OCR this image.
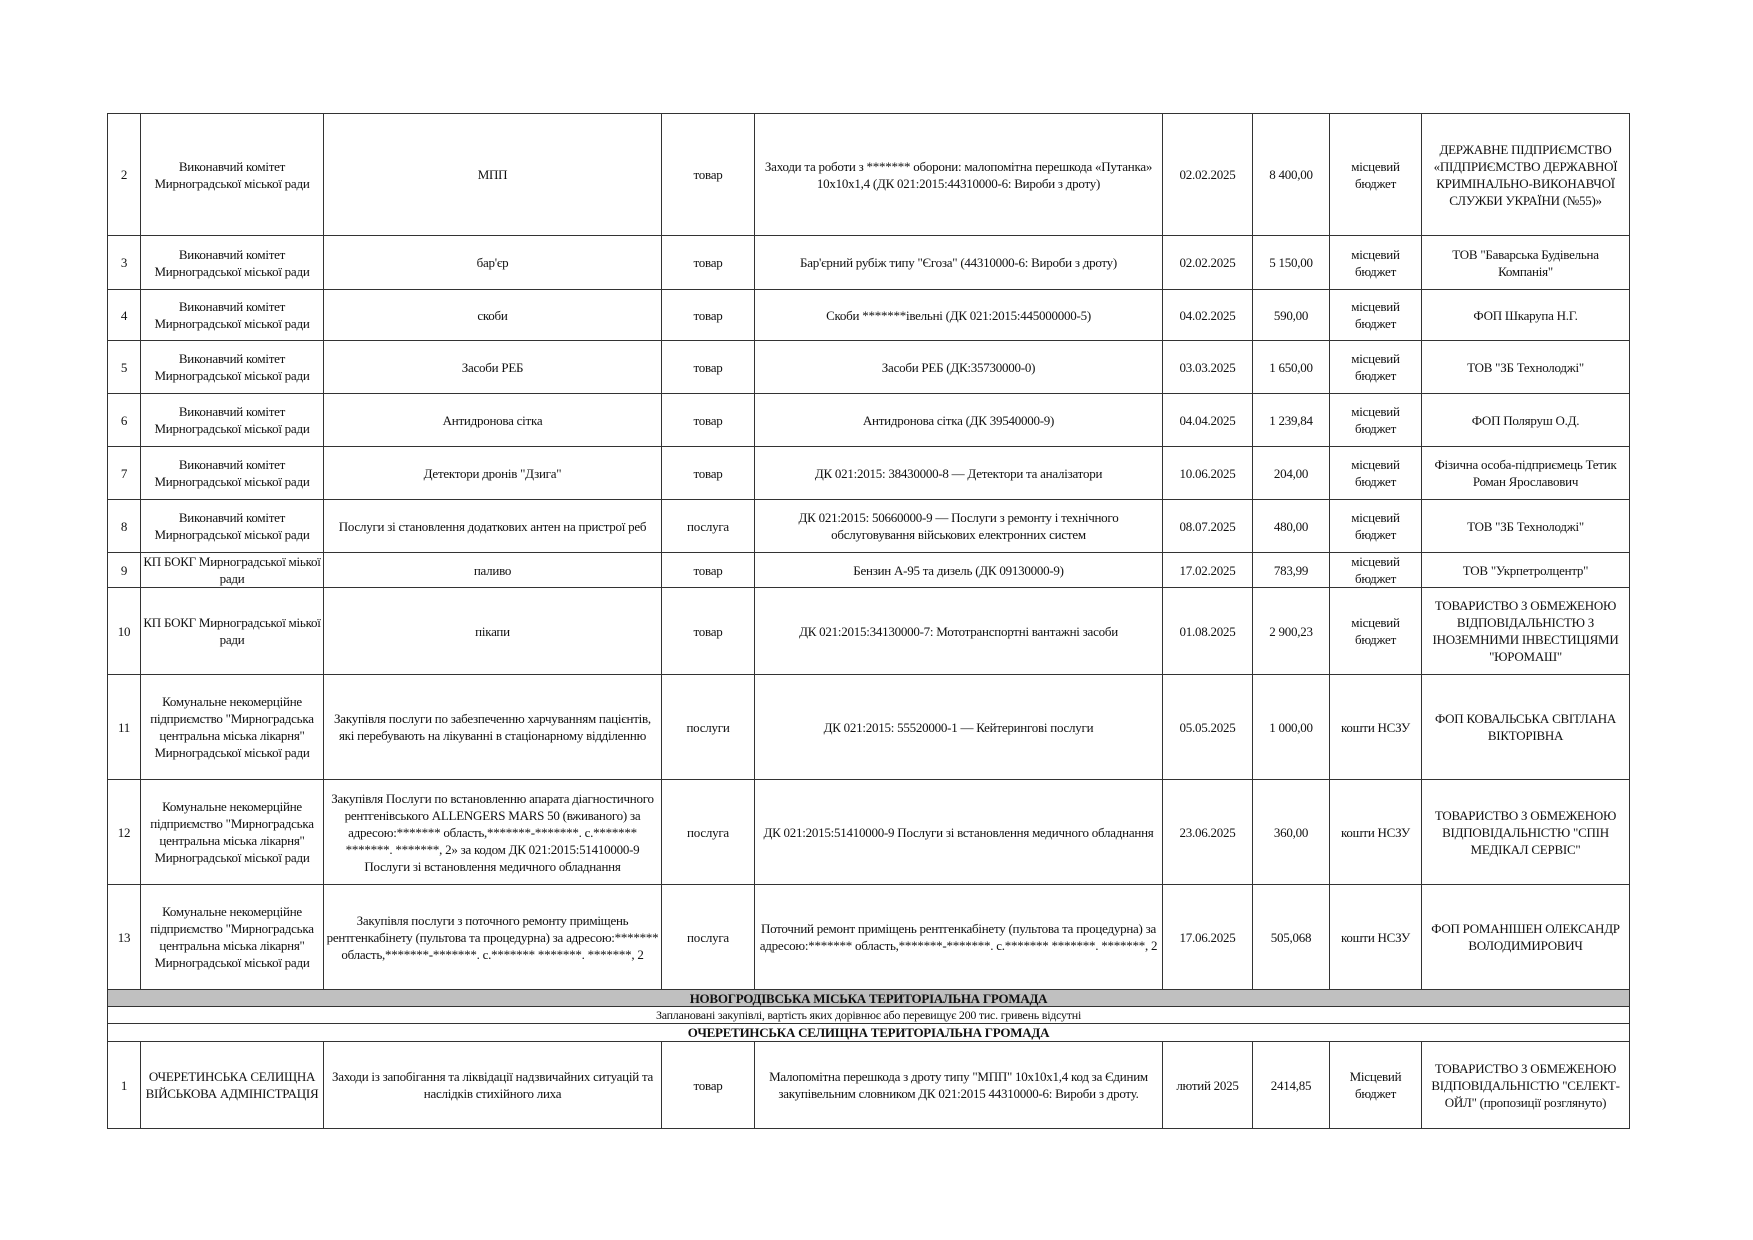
2	Виконавчий комітет Мирноградської міської ради	МПП	товар	Заходи та роботи з ******* оборони: малопомітна перешкода «Путанка» 10x10x1,4 (ДК 021:2015:44310000-6: Вироби з дроту)	02.02.2025	8 400,00	місцевий бюджет	ДЕРЖАВНЕ ПІДПРИЄМСТВО «ПІДПРИЄМСТВО ДЕРЖАВНОЇ КРИМІНАЛЬНО-ВИКОНАВЧОЇ СЛУЖБИ УКРАЇНИ (№55)»
3	Виконавчий комітет Мирноградської міської ради	бар'єр	товар	Бар'єрний рубіж типу "Єгоза" (44310000-6: Вироби з дроту)	02.02.2025	5 150,00	місцевий бюджет	ТОВ "Баварська Будівельна Компанія"
4	Виконавчий комітет Мирноградської міської ради	скоби	товар	Скоби *******івельні (ДК 021:2015:445000000-5)	04.02.2025	590,00	місцевий бюджет	ФОП Шкарупа Н.Г.
5	Виконавчий комітет Мирноградської міської ради	Засоби РЕБ	товар	Засоби РЕБ (ДК:35730000-0)	03.03.2025	1 650,00	місцевий бюджет	ТОВ "ЗБ Технолоджі"
6	Виконавчий комітет Мирноградської міської ради	Антидронова сітка	товар	Антидронова сітка (ДК 39540000-9)	04.04.2025	1 239,84	місцевий бюджет	ФОП Поляруш О.Д.
7	Виконавчий комітет Мирноградської міської ради	Детектори дронів "Дзига"	товар	ДК 021:2015: 38430000-8 — Детектори та аналізатори	10.06.2025	204,00	місцевий бюджет	Фізична особа-підприємець Тетик Роман Ярославович
8	Виконавчий комітет Мирноградської міської ради	Послуги зі становлення додаткових антен на пристрої реб	послуга	ДК 021:2015: 50660000-9 — Послуги з ремонту і технічного обслуговування військових електронних систем	08.07.2025	480,00	місцевий бюджет	ТОВ "ЗБ Технолоджі"
9	КП БОКГ Мирноградської міької ради	паливо	товар	Бензин А-95 та дизель (ДК 09130000-9)	17.02.2025	783,99	місцевий бюджет	ТОВ "Укрпетролцентр"
10	КП БОКГ Мирноградської міької ради	пікапи	товар	ДК 021:2015:34130000-7: Мототранспортні вантажні засоби	01.08.2025	2 900,23	місцевий бюджет	ТОВАРИСТВО З ОБМЕЖЕНОЮ ВІДПОВІДАЛЬНІСТЮ З ІНОЗЕМНИМИ ІНВЕСТИЦІЯМИ "ЮРОМАШ"
11	Комунальне некомерційне підприємство "Мирноградська центральна міська лікарня" Мирноградської міської ради	Закупівля послуги по забезпеченню харчуванням пацієнтів, які перебувають на лікуванні в стаціонарному відділенню	послуги	ДК 021:2015: 55520000-1 — Кейтерингові послуги	05.05.2025	1 000,00	кошти НСЗУ	ФОП КОВАЛЬСЬКА СВІТЛАНА ВІКТОРІВНА
12	Комунальне некомерційне підприємство "Мирноградська центральна міська лікарня" Мирноградської міської ради	Закупівля Послуги по встановленню апарата діагностичного рентгенівського ALLENGERS MARS 50 (вживаного) за адресою:******* область,*******-*******. с.******* *******. *******, 2» за кодом ДК 021:2015:51410000-9 Послуги зі встановлення медичного обладнання	послуга	ДК 021:2015:51410000-9 Послуги зі встановлення медичного обладнання	23.06.2025	360,00	кошти НСЗУ	ТОВАРИСТВО З ОБМЕЖЕНОЮ ВІДПОВІДАЛЬНІСТЮ "СПІН МЕДІКАЛ СЕРВІС"
13	Комунальне некомерційне підприємство "Мирноградська центральна міська лікарня" Мирноградської міської ради	Закупівля послуги з поточного ремонту приміщень рентгенкабінету (пультова та процедурна) за адресою:******* область,*******-*******. с.******* *******. *******, 2	послуга	Поточний ремонт приміщень рентгенкабінету (пультова та процедурна) за адресою:******* область,*******-*******. с.******* *******. *******, 2	17.06.2025	505,068	кошти НСЗУ	ФОП РОМАНІШЕН ОЛЕКСАНДР ВОЛОДИМИРОВИЧ
НОВОГРОДІВСЬКА МІСЬКА ТЕРИТОРІАЛЬНА ГРОМАДА								
Заплановані закупівлі, вартість яких дорівнює або перевищує 200 тис. гривень відсутні								
ОЧЕРЕТИНСЬКА СЕЛИЩНА ТЕРИТОРІАЛЬНА ГРОМАДА								
1	ОЧЕРЕТИНСЬКА СЕЛИЩНА ВІЙСЬКОВА АДМІНІСТРАЦІЯ	Заходи із запобігання та ліквідації надзвичайних ситуацій та наслідків стихійного лиха	товар	Малопомітна перешкода з дроту типу "МПП" 10х10х1,4 код за Єдиним закупівельним словником ДК 021:2015 44310000-6: Вироби з дроту.	лютий 2025	2414,85	Місцевий бюджет	ТОВАРИСТВО З ОБМЕЖЕНОЮ ВІДПОВІДАЛЬНІСТЮ "СЕЛЕКТ-ОЙЛ" (пропозиції розглянуто)
